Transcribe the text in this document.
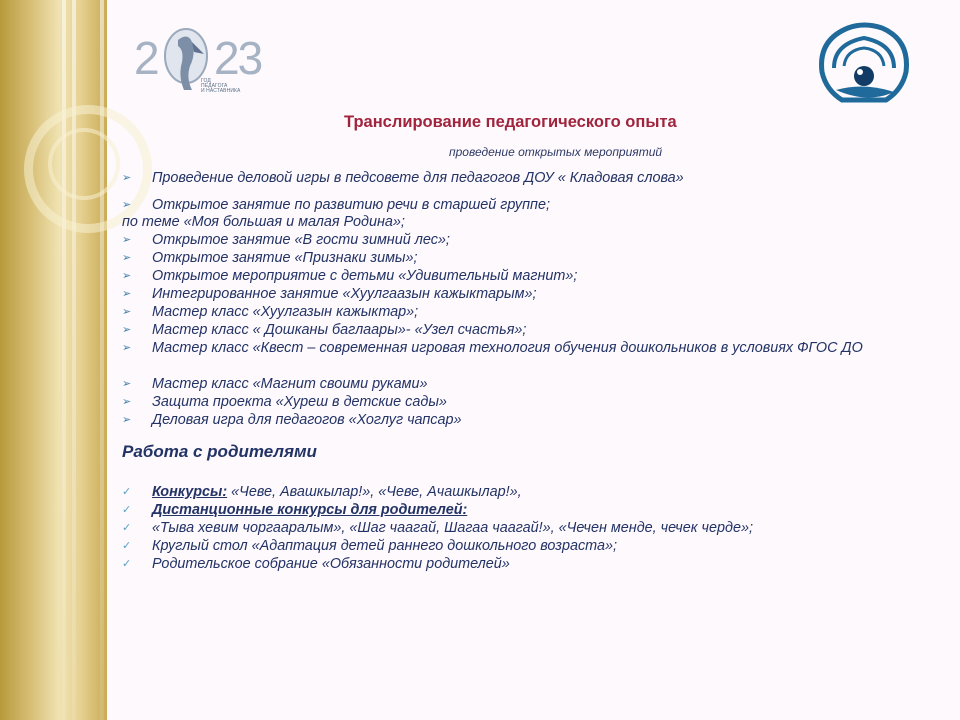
2 23
ГОД
ПЕДАГОГА
И НАСТАВНИКА
Транслирование педагогического опыта
проведение открытых мероприятий
➢	Проведение деловой игры в педсовете для педагогов ДОУ « Кладовая слова»
➢	Открытое занятие по развитию речи в старшей группе;
по теме «Моя большая и малая Родина»;
➢	Открытое занятие «В гости зимний лес»;
➢	Открытое занятие «Признаки зимы»;
➢	Открытое мероприятие с детьми «Удивительный магнит»;
➢	Интегрированное занятие «Хуулгаазын кажыктарым»;
➢	Мастер класс «Хуулгазын кажыктар»;
➢	Мастер класс « Дошканы баглаары»- «Узел счастья»;
➢	Мастер класс «Квест – современная игровая технология обучения дошкольников в условиях ФГОС ДО
➢	Мастер класс «Магнит своими руками»
➢	Защита проекта «Хуреш в детские сады»
➢	Деловая игра для педагогов «Хоглуг чапсар»
Работа с родителями
✓	Конкурсы: «Чеве, Авашкылар!», «Чеве, Ачашкылар!»,
✓	Дистанционные конкурсы для родителей:
✓	«Тыва хевим чоргааралым», «Шаг чаагай, Шагаа чаагай!», «Чечен менде, чечек черде»;
✓	Круглый стол «Адаптация детей раннего дошкольного возраста»;
✓	Родительское собрание «Обязанности родителей»
